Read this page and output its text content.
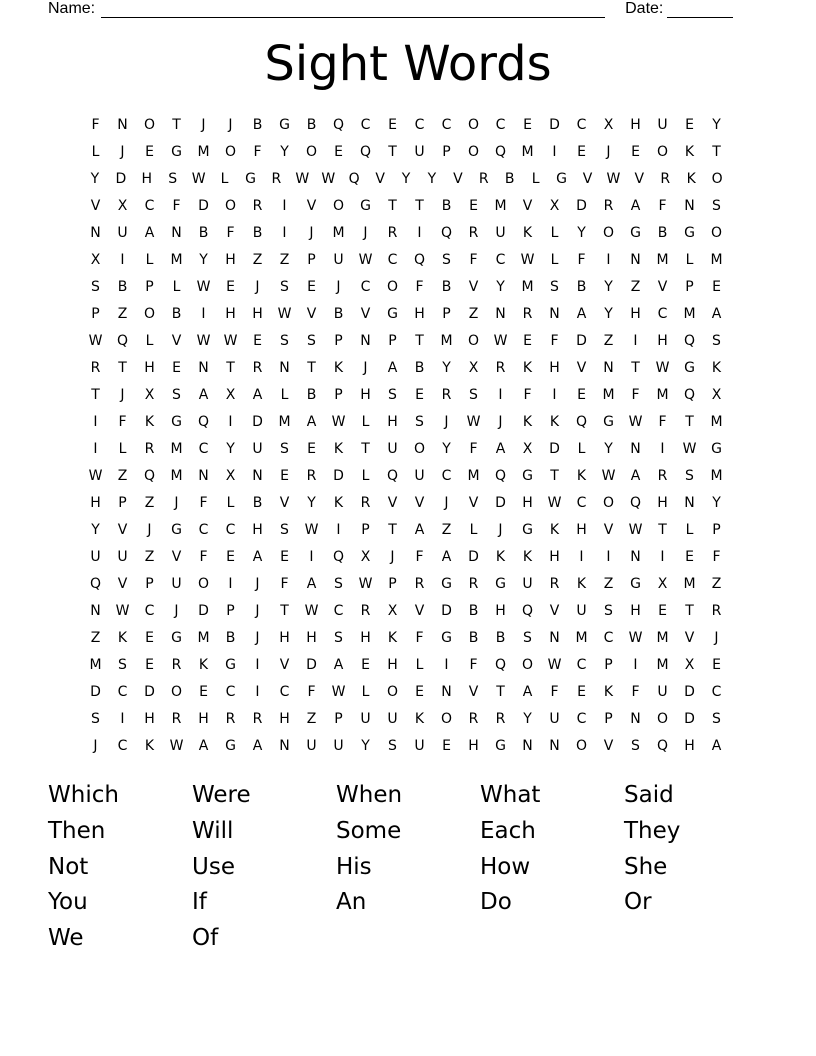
Name:	Date:
Sight Words
F	N	O	T	J	J	B	G	B	Q	C	E	C	C	O	C	E	D	C	X	H	U	E	Y
L	J	E	G	M	O	F	Y	O	E	Q	T	U	P	O	Q	M	I	E	J	E	O	K	T
Y	D	H	S	W	L	G	R	W W Q	V	Y	Y	V	R	B	L	G	V	W	V	R	K	O
V	X	C	F	D	O	R	I	V	O	G	T	T	B	E	M	V	X	D	R	A	F	N	S
N	U	A	N	B	F	B	I	J	M	J	R	I	Q	R	U	K	L	Y	O	G	B	G	O
X	I	L	M	Y	H	Z	Z	P	U	W	C	Q	S	F	C	W	L	F	I	N	M	L	M
S	B	P	L	W	E	J	S	E	J	C	O	F	B	V	Y	M	S	B	Y	Z	V	P	E
P	Z	O	B	I	H	H	W	V	B	V	G	H	P	Z	N	R	N	A	Y	H	C	M	A
W	Q	L	V	W W	E	S	S	P	N	P	T	M	O	W	E	F	D	Z	I	H	Q	S
R	T	H	E	N	T	R	N	T	K	J	A	B	Y	X	R	K	H	V	N	T	W	G	K
T	J	X	S	A	X	A	L	B	P	H	S	E	R	S	I	F	I	E	M	F	M	Q	X
I	F	K	G	Q	I	D	M	A	W	L	H	S	J	W	J	K	K	Q	G	W	F	T	M
I	L	R	M	C	Y	U	S	E	K	T	U	O	Y	F	A	X	D	L	Y	N	I	W	G
W	Z	Q	M	N	X	N	E	R	D	L	Q	U	C	M	Q	G	T	K	W	A	R	S	M
H	P	Z	J	F	L	B	V	Y	K	R	V	V	J	V	D	H	W	C	O	Q	H	N	Y
Y	V	J	G	C	C	H	S	W	I	P	T	A	Z	L	J	G	K	H	V	W	T	L	P
U	U	Z	V	F	E	A	E	I	Q	X	J	F	A	D	K	K	H	I	I	N	I	E	F
Q	V	P	U	O	I	J	F	A	S	W	P	R	G	R	G	U	R	K	Z	G	X	M	Z
N	W	C	J	D	P	J	T	W	C	R	X	V	D	B	H	Q	V	U	S	H	E	T	R
Z	K	E	G	M	B	J	H	H	S	H	K	F	G	B	B	S	N	M	C	W	M	V	J
M	S	E	R	K	G	I	V	D	A	E	H	L	I	F	Q	O	W	C	P	I	M	X	E
D	C	D	O	E	C	I	C	F	W	L	O	E	N	V	T	A	F	E	K	F	U	D	C
S	I	H	R	H	R	R	H	Z	P	U	U	K	O	R	R	Y	U	C	P	N	O	D	S
J	C	K	W	A	G	A	N	U	U	Y	S	U	E	H	G	N	N	O	V	S	Q	H	A
Which	Were	When	What	Said
Then	Will	Some	Each	They
Not	Use	His	How	She
You	If	An	Do	Or
We	Of
